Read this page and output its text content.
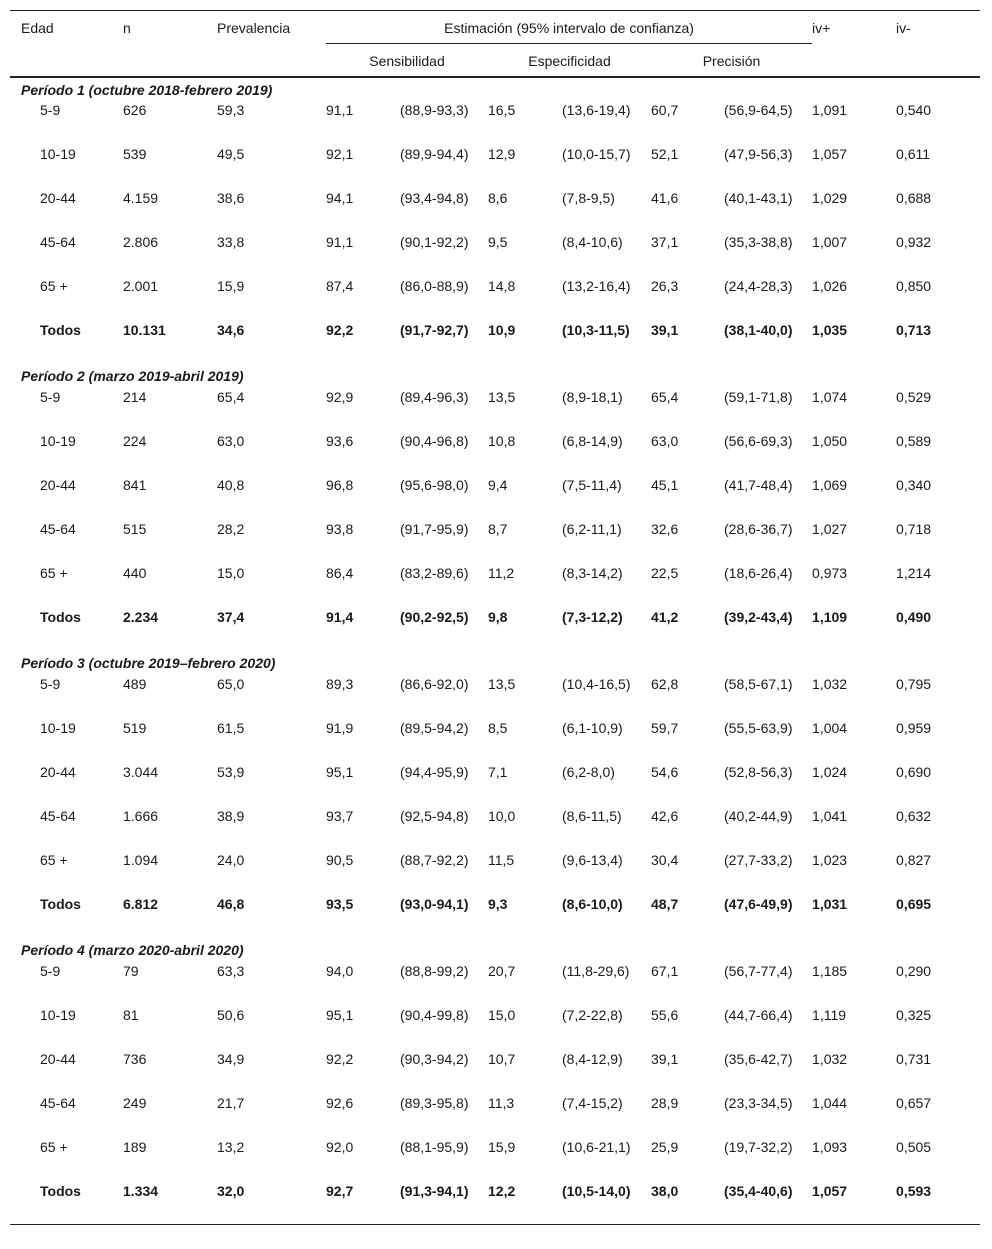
Edad	n	Prevalencia	Estimación (95% intervalo de confianza)						iv+	iv-
			Sensibilidad		Especificidad		Precisión			
Período 1 (octubre 2018-febrero 2019)										
5-9	626	59,3	91,1	(88,9-93,3)	16,5	(13,6-19,4)	60,7	(56,9-64,5)	1,091	0,540
10-19	539	49,5	92,1	(89,9-94,4)	12,9	(10,0-15,7)	52,1	(47,9-56,3)	1,057	0,611
20-44	4.159	38,6	94,1	(93,4-94,8)	8,6	(7,8-9,5)	41,6	(40,1-43,1)	1,029	0,688
45-64	2.806	33,8	91,1	(90,1-92,2)	9,5	(8,4-10,6)	37,1	(35,3-38,8)	1,007	0,932
65 +	2.001	15,9	87,4	(86,0-88,9)	14,8	(13,2-16,4)	26,3	(24,4-28,3)	1,026	0,850
Todos	10.131	34,6	92,2	(91,7-92,7)	10,9	(10,3-11,5)	39,1	(38,1-40,0)	1,035	0,713
Período 2 (marzo 2019-abril 2019)										
5-9	214	65,4	92,9	(89,4-96,3)	13,5	(8,9-18,1)	65,4	(59,1-71,8)	1,074	0,529
10-19	224	63,0	93,6	(90,4-96,8)	10,8	(6,8-14,9)	63,0	(56,6-69,3)	1,050	0,589
20-44	841	40,8	96,8	(95,6-98,0)	9,4	(7,5-11,4)	45,1	(41,7-48,4)	1,069	0,340
45-64	515	28,2	93,8	(91,7-95,9)	8,7	(6,2-11,1)	32,6	(28,6-36,7)	1,027	0,718
65 +	440	15,0	86,4	(83,2-89,6)	11,2	(8,3-14,2)	22,5	(18,6-26,4)	0,973	1,214
Todos	2.234	37,4	91,4	(90,2-92,5)	9,8	(7,3-12,2)	41,2	(39,2-43,4)	1,109	0,490
Período 3 (octubre 2019–febrero 2020)										
5-9	489	65,0	89,3	(86,6-92,0)	13,5	(10,4-16,5)	62,8	(58,5-67,1)	1,032	0,795
10-19	519	61,5	91,9	(89,5-94,2)	8,5	(6,1-10,9)	59,7	(55,5-63,9)	1,004	0,959
20-44	3.044	53,9	95,1	(94,4-95,9)	7,1	(6,2-8,0)	54,6	(52,8-56,3)	1,024	0,690
45-64	1.666	38,9	93,7	(92,5-94,8)	10,0	(8,6-11,5)	42,6	(40,2-44,9)	1,041	0,632
65 +	1.094	24,0	90,5	(88,7-92,2)	11,5	(9,6-13,4)	30,4	(27,7-33,2)	1,023	0,827
Todos	6.812	46,8	93,5	(93,0-94,1)	9,3	(8,6-10,0)	48,7	(47,6-49,9)	1,031	0,695
Período 4 (marzo 2020-abril 2020)										
5-9	79	63,3	94,0	(88,8-99,2)	20,7	(11,8-29,6)	67,1	(56,7-77,4)	1,185	0,290
10-19	81	50,6	95,1	(90,4-99,8)	15,0	(7,2-22,8)	55,6	(44,7-66,4)	1,119	0,325
20-44	736	34,9	92,2	(90,3-94,2)	10,7	(8,4-12,9)	39,1	(35,6-42,7)	1,032	0,731
45-64	249	21,7	92,6	(89,3-95,8)	11,3	(7,4-15,2)	28,9	(23,3-34,5)	1,044	0,657
65 +	189	13,2	92,0	(88,1-95,9)	15,9	(10,6-21,1)	25,9	(19,7-32,2)	1,093	0,505
Todos	1.334	32,0	92,7	(91,3-94,1)	12,2	(10,5-14,0)	38,0	(35,4-40,6)	1,057	0,593
